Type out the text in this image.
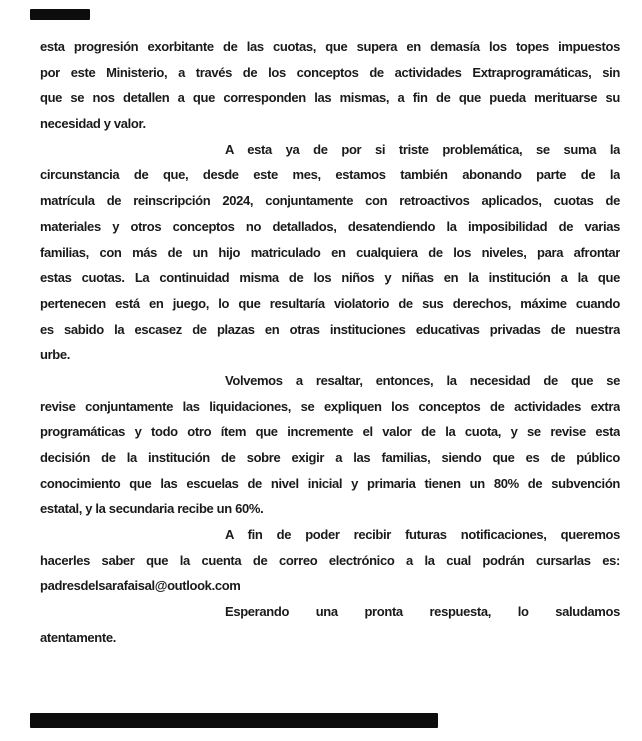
esta progresión exorbitante de las cuotas, que supera en demasía los topes impuestos
por este Ministerio, a través de los conceptos de actividades Extraprogramáticas, sin
que se nos detallen a que corresponden las mismas, a fin de que pueda merituarse su
necesidad y valor.
A esta ya de por si triste problemática, se suma la
circunstancia de que, desde este mes, estamos también abonando parte de la
matrícula de reinscripción 2024, conjuntamente con retroactivos aplicados, cuotas de
materiales y otros conceptos no detallados, desatendiendo la imposibilidad de varias
familias, con más de un hijo matriculado en cualquiera de los niveles, para afrontar
estas cuotas. La continuidad misma de los niños y niñas en la institución a la que
pertenecen está en juego, lo que resultaría violatorio de sus derechos, máxime cuando
es sabido la escasez de plazas en otras instituciones educativas privadas de nuestra
urbe.
Volvemos a resaltar, entonces, la necesidad de que se
revise conjuntamente las liquidaciones, se expliquen los conceptos de actividades extra
programáticas y todo otro ítem que incremente el valor de la cuota, y se revise esta
decisión de la institución de sobre exigir a las familias, siendo que es de público
conocimiento que las escuelas de nivel inicial y primaria tienen un 80% de subvención
estatal, y la secundaria recibe un 60%.
A fin de poder recibir futuras notificaciones, queremos
hacerles saber que la cuenta de correo electrónico a la cual podrán cursarlas es:
padresdelsarafaisal@outlook.com
Esperando una pronta respuesta, lo saludamos
atentamente.
